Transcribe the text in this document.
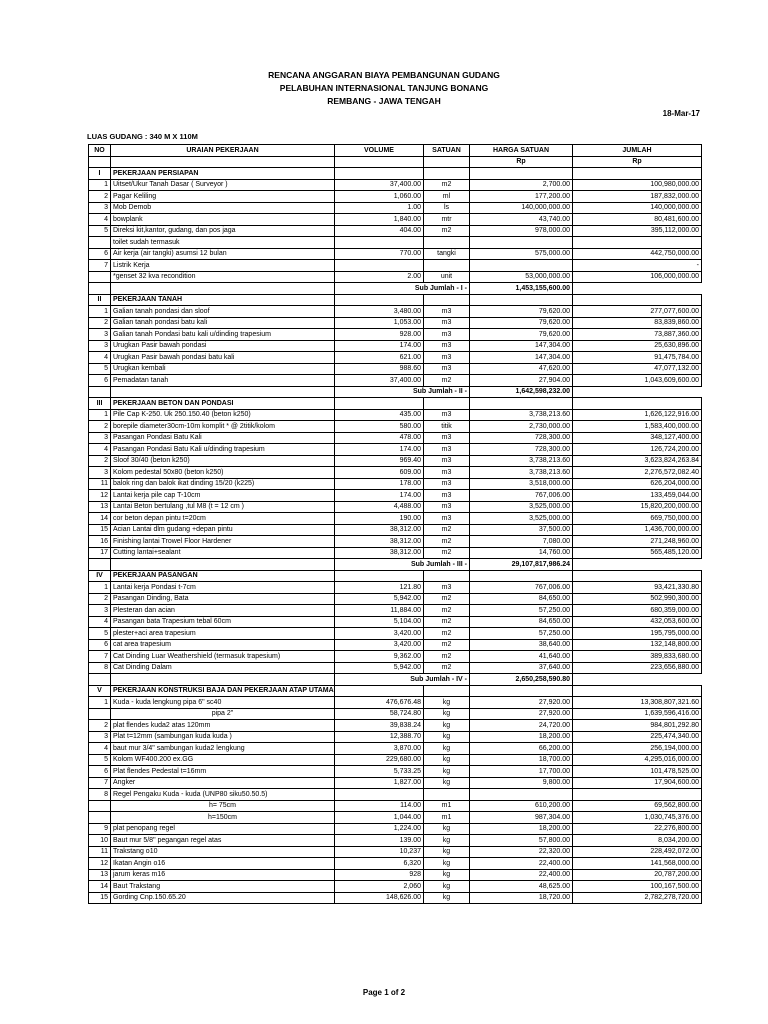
RENCANA ANGGARAN BIAYA PEMBANGUNAN GUDANG
PELABUHAN INTERNASIONAL TANJUNG BONANG
REMBANG - JAWA TENGAH
18-Mar-17
LUAS GUDANG : 340 M X 110M
NO	URAIAN PEKERJAAN	VOLUME	SATUAN	HARGA SATUAN	JUMLAH
				Rp	Rp
I	PEKERJAAN PERSIAPAN				
1	Uitset/Ukur Tanah Dasar ( Surveyor )	37,400.00	m2	2,700.00	100,980,000.00
2	Pagar Keliling	1,060.00	ml	177,200.00	187,832,000.00
3	Mob Demob	1.00	ls	140,000,000.00	140,000,000.00
4	bowplank	1,840.00	mtr	43,740.00	80,481,600.00
5	Direksi kit,kantor, gudang, dan pos jaga	404.00	m2	978,000.00	395,112,000.00
	toilet sudah termasuk				
6	Air kerja (air tangki) asumsi 12 bulan	770.00	tangki	575,000.00	442,750,000.00
7	Listrik Kerja				-
	*genset 32 kva recondition	2.00	unit	53,000,000.00	106,000,000.00
		Sub Jumlah - I -		1,453,155,600.00	
II	PEKERJAAN TANAH				
1	Galian tanah pondasi dan sloof	3,480.00	m3	79,620.00	277,077,600.00
2	Galian tanah pondasi batu kali	1,053.00	m3	79,620.00	83,839,860.00
3	Galian tanah Pondasi batu kali u/dinding trapesium	928.00	m3	79,620.00	73,887,360.00
3	Urugkan Pasir bawah pondasi	174.00	m3	147,304.00	25,630,896.00
4	Urugkan Pasir bawah pondasi batu kali	621.00	m3	147,304.00	91,475,784.00
5	Urugkan kembali	988.60	m3	47,620.00	47,077,132.00
6	Pemadatan tanah	37,400.00	m2	27,904.00	1,043,609,600.00
		Sub Jumlah - II -		1,642,598,232.00	
III	PEKERJAAN BETON DAN PONDASI				
1	Pile Cap K-250. Uk 250.150.40 (beton k250)	435.00	m3	3,738,213.60	1,626,122,916.00
2	borepile diameter30cm-10m komplit * @ 2titik/kolom	580.00	titik	2,730,000.00	1,583,400,000.00
3	Pasangan Pondasi Batu Kali	478.00	m3	728,300.00	348,127,400.00
4	Pasangan Pondasi Batu Kali u/dinding trapesium	174.00	m3	728,300.00	126,724,200.00
2	Sloof 30/40 (beton k250)	969.40	m3	3,738,213.60	3,623,824,263.84
3	Kolom pedestal 50x80 (beton k250)	609.00	m3	3,738,213.60	2,276,572,082.40
11	balok ring dan balok ikat dinding 15/20 (k225)	178.00	m3	3,518,000.00	626,204,000.00
12	Lantai kerja pile cap T-10cm	174.00	m3	767,006.00	133,459,044.00
13	Lantai Beton bertulang ,tul M8 (t = 12 cm )	4,488.00	m3	3,525,000.00	15,820,200,000.00
14	cor beton depan pintu t=20cm	190.00	m3	3,525,000.00	669,750,000.00
15	Acian Lantai dlm gudang +depan pintu	38,312.00	m2	37,500.00	1,436,700,000.00
16	Finishing lantai Trowel Floor Hardener	38,312.00	m2	7,080.00	271,248,960.00
17	Cutting lantai+sealant	38,312.00	m2	14,760.00	565,485,120.00
		Sub Jumlah - III -		29,107,817,986.24	
IV	PEKERJAAN PASANGAN				
1	Lantai kerja Pondasi t-7cm	121.80	m3	767,006.00	93,421,330.80
2	Pasangan Dinding, Bata	5,942.00	m2	84,650.00	502,990,300.00
3	Plesteran dan acian	11,884.00	m2	57,250.00	680,359,000.00
4	Pasangan bata Trapesium tebal 60cm	5,104.00	m2	84,650.00	432,053,600.00
5	plester+aci area trapesium	3,420.00	m2	57,250.00	195,795,000.00
6	cat area trapesium	3,420.00	m2	38,640.00	132,148,800.00
7	Cat Dinding Luar Weathershield (termasuk trapesium)	9,362.00	m2	41,640.00	389,833,680.00
8	Cat Dinding Dalam	5,942.00	m2	37,640.00	223,656,880.00
		Sub Jumlah - IV -		2,650,258,590.80	
V	PEKERJAAN KONSTRUKSI BAJA DAN PEKERJAAN ATAP UTAMA				
1	Kuda - kuda lengkung pipa 6" sc40	476,676.48	kg	27,920.00	13,308,807,321.60
	pipa 2"	58,724.80	kg	27,920.00	1,639,596,416.00
2	plat flendes kuda2 atas 120mm	39,838.24	kg	24,720.00	984,801,292.80
3	Plat t=12mm (sambungan kuda kuda )	12,388.70	kg	18,200.00	225,474,340.00
4	baut mur 3/4" sambungan kuda2 lengkung	3,870.00	kg	66,200.00	256,194,000.00
5	Kolom WF400.200 ex.GG	229,680.00	kg	18,700.00	4,295,016,000.00
6	Plat flendes Pedestal t=16mm	5,733.25	kg	17,700.00	101,478,525.00
7	Angker	1,827.00	kg	9,800.00	17,904,600.00
8	Regel Pengaku Kuda - kuda (UNP80 siku50.50.5)				
	h= 75cm	114.00	m1	610,200.00	69,562,800.00
	h=150cm	1,044.00	m1	987,304.00	1,030,745,376.00
9	plat penopang regel	1,224.00	kg	18,200.00	22,276,800.00
10	Baut mur 5/8" pegangan regel atas	139.00	kg	57,800.00	8,034,200.00
11	Trakstang o10	10,237	kg	22,320.00	228,492,072.00
12	Ikatan Angin o16	6,320	kg	22,400.00	141,568,000.00
13	jarum keras m16	928	kg	22,400.00	20,787,200.00
14	Baut Trakstang	2,060	kg	48,625.00	100,167,500.00
15	Gording Cnp.150.65.20	148,626.00	kg	18,720.00	2,782,278,720.00
Page 1 of 2
